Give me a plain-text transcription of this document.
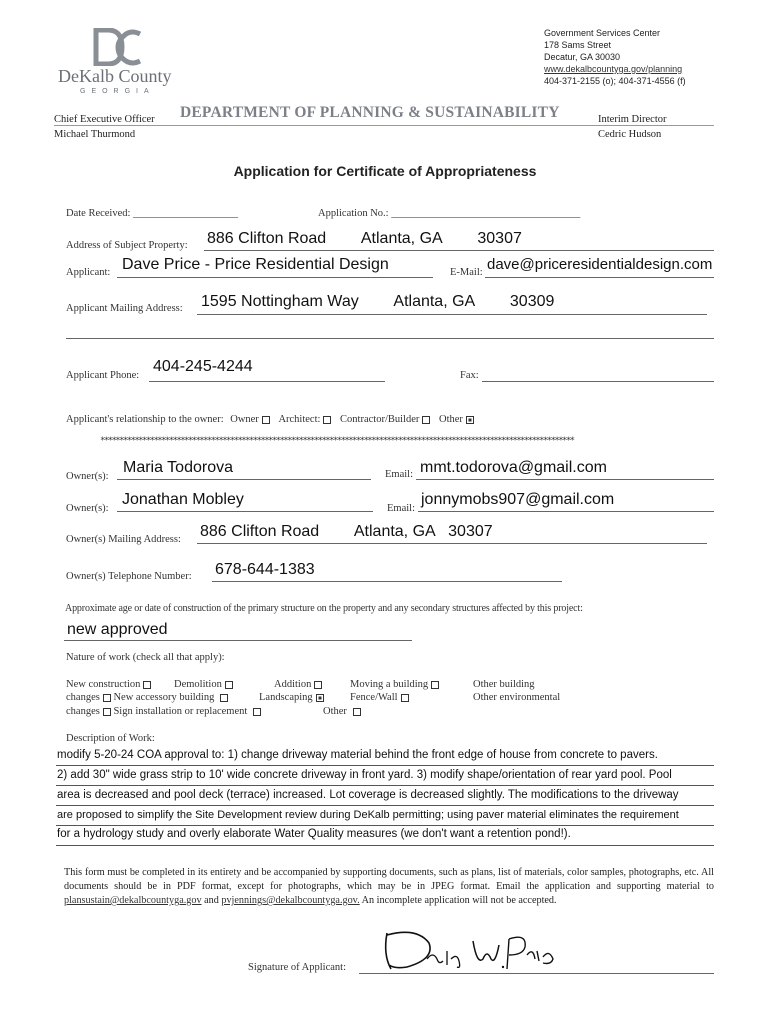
DeKalb County
GEORGIA
Government Services Center
178 Sams Street
Decatur, GA 30030
www.dekalbcountyga.gov/planning
404-371-2155 (o); 404-371-4556 (f)
Chief Executive Officer
Michael Thurmond
DEPARTMENT OF PLANNING & SUSTAINABILITY	Interim Director
Cedric Hudson
Application for Certificate of Appropriateness
Date Received: ____________________	Application No.: ____________________________________
Address of Subject Property: 886 Clifton Road        Atlanta, GA        30307
Applicant: Dave Price - Price Residential Design	E-Mail: dave@priceresidentialdesign.com
Applicant Mailing Address: 1595 Nottingham Way        Atlanta, GA        30309
Applicant Phone:
404-245-4244
Fax:
Applicant's relationship to the owner: Owner Architect: Contractor/Builder Other
****************************************************************************************************************************
Owner(s):
Maria Todorova	Email: mmt.todorova@gmail.com
Owner(s):
Jonathan Mobley
Email:
jonnymobs907@gmail.com
Owner(s) Mailing Address: 886 Clifton Road        Atlanta, GA   30307
Owner(s) Telephone Number: 678-644-1383
Approximate age or date of construction of the primary structure on the property and any secondary structures affected by this project:
new approved
Nature of work (check all that apply):
New construction	Demolition	Addition	Moving a building	Other building
changes New accessory building	Landscaping	Fence/Wall	Other environmental
changes Sign installation or replacement	Other
Description of Work:
modify 5-20-24 COA approval to: 1) change driveway material behind the front edge of house from concrete to pavers.
2) add 30" wide grass strip to 10' wide concrete driveway in front yard. 3) modify shape/orientation of rear yard pool. Pool
area is decreased and pool deck (terrace) increased. Lot coverage is decreased slightly. The modifications to the driveway
are proposed to simplify the Site Development review during DeKalb permitting; using paver material eliminates the requirement
for a hydrology study and overly elaborate Water Quality measures (we don't want a retention pond!).
This form must be completed in its entirety and be accompanied by supporting documents, such as plans, list of materials, color samples, photographs, etc. All documents should be in PDF format, except for photographs, which may be in JPEG format. Email the application and supporting material to plansustain@dekalbcountyga.gov and pvjennings@dekalbcountyga.gov. An incomplete application will not be accepted.
Signature of Applicant:
